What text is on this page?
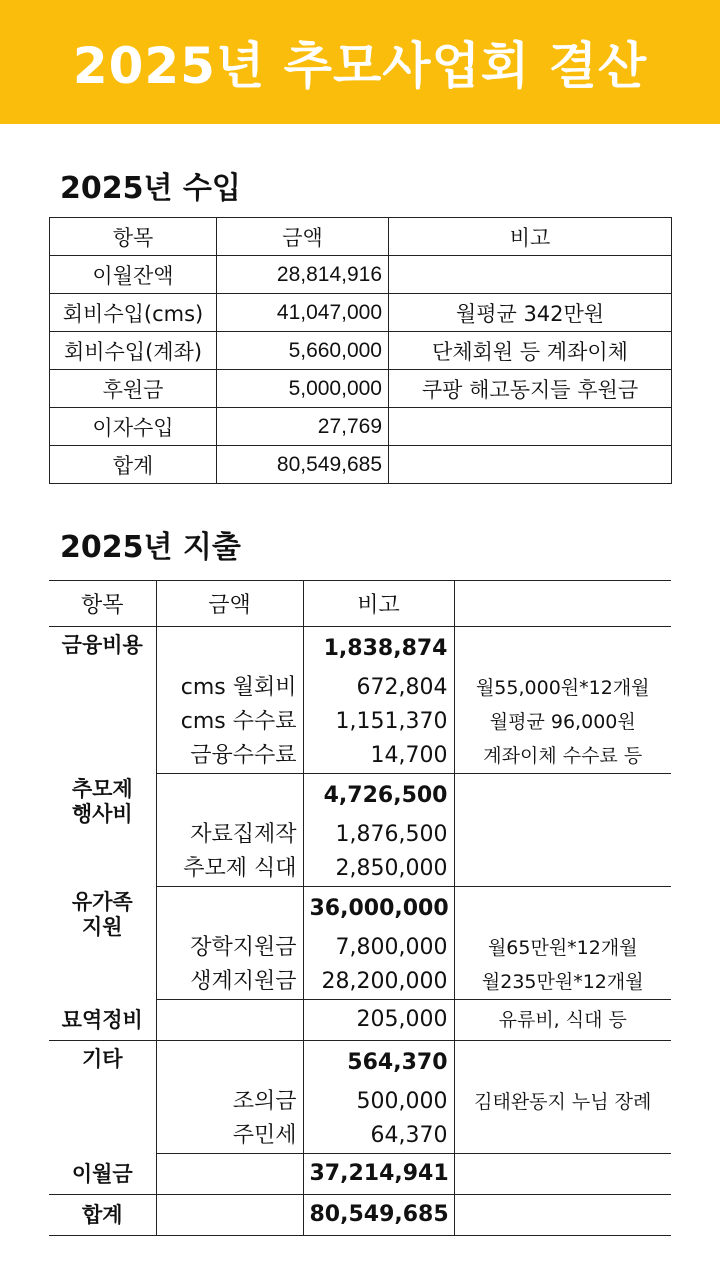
2025년 추모사업회 결산
2025년 수입
항목	금액	비고
이월잔액	28,814,916	
회비수입(cms)	41,047,000	월평균 342만원
회비수입(계좌)	5,660,000	단체회원 등 계좌이체
후원금	5,000,000	쿠팡 해고동지들 후원금
이자수입	27,769	
합계	80,549,685	
2025년 지출
항목	금액	비고	
금융비용		1,838,874	
	cms 월회비	672,804	월55,000원*12개월
	cms 수수료	1,151,370	월평균 96,000원
	금융수수료	14,700	계좌이체 수수료 등
추모제 행사비		4,726,500	
	자료집제작	1,876,500	
	추모제 식대	2,850,000	
유가족 지원		36,000,000	
	장학지원금	7,800,000	월65만원*12개월
	생계지원금	28,200,000	월235만원*12개월
묘역정비		205,000	유류비, 식대 등
기타		564,370	
	조의금	500,000	김태완동지 누님 장례
	주민세	64,370	
이월금		37,214,941	
합계		80,549,685	
